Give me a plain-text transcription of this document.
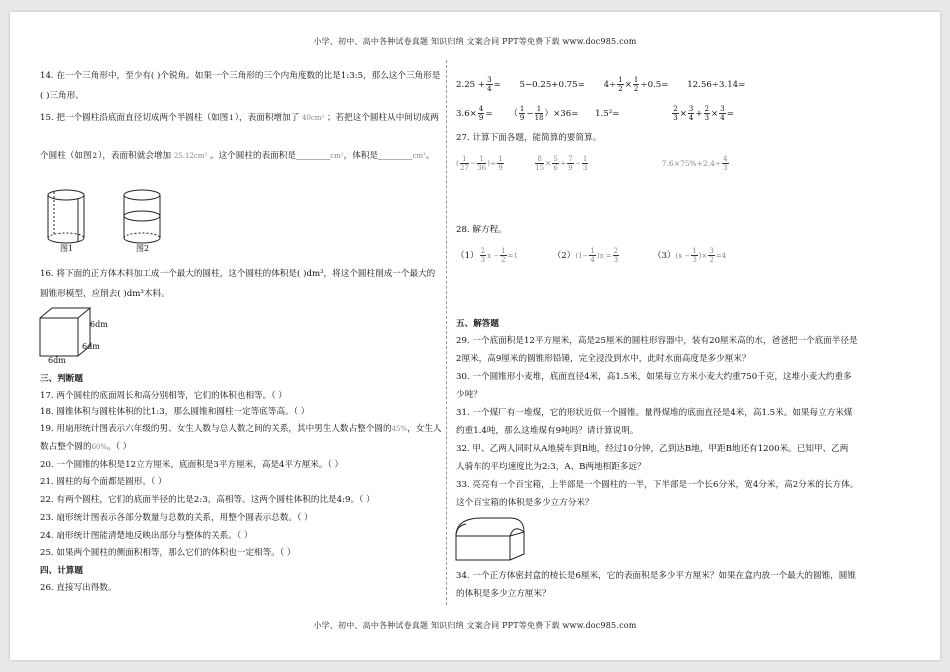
小学、初中、高中各种试卷真题 知识归纳 文案合同 PPT等免费下载 www.doc985.com
小学、初中、高中各种试卷真题 知识归纳 文案合同 PPT等免费下载 www.doc985.com
14. 在一个三角形中，至少有( )个锐角。如果一个三角形的三个内角度数的比是1:3:5，那么这个三角形是
( )三角形。
15. 把一个圆柱沿底面直径切成两个半圆柱（如图 1 ），表面积增加了 40cm² ；若把这个圆柱从中间切成两
个圆柱（如图 2 ），表面积就会增加 25.12cm² 。这个圆柱的表面积是________cm²，体积是________cm³。
图1	图2
16. 将下面的正方体木料加工成一个最大的圆柱，这个圆柱的体积是( )dm³，将这个圆柱削成一个最大的
圆锥形模型，应削去( )dm³木料。
6dm
6dm
6dm
三、判断题
17. 两个圆柱的底面周长和高分别相等，它们的体积也相等。（ ）
18. 圆锥体积与圆柱体积的比1:3，那么圆锥和圆柱一定等底等高。（ ）
19. 用扇形统计图表示六年级的男、女生人数与总人数之间的关系，其中男生人数占整个圆的45%，女生人
数占整个圆的60%。（ ）
20. 一个圆锥的体积是12立方厘米，底面积是3平方厘米，高是4平方厘米。（ ）
21. 圆柱的每个面都是圆形。（ ）
22. 有两个圆柱，它们的底面半径的比是2:3，高相等。这两个圆柱体积的比是4:9。（ ）
23. 扇形统计图表示各部分数量与总数的关系，用整个圆表示总数。（ ）
24. 扇形统计图能清楚地反映出部分与整体的关系。（ ）
25. 如果两个圆柱的侧面积相等，那么它们的体积也一定相等。（ ）
四、计算题
26. 直接写出得数。
$2.25 + \frac{3}{4} = 5-0.25+0.75= 4\div \frac{1}{2} \times \frac{1}{2} \div 0.5= 12.56\div 3.14=$
$3.6\times \frac{4}{9}$ = （ $\frac{1}{9} - \frac{1}{18} )\times 36= 1.5^2=$	$\frac{2}{3} \times \frac{3}{4} + \frac{2}{3} \times \frac{3}{4}$ =
27. 计算下面各题，能简算的要简算。
( $\frac{1}{27} - \frac{1}{36}$ )÷ $\frac{1}{9}$
	$\frac{8}{15} \times \frac{5}{6} + \frac{7}{9} - \frac{1}{3}$	$7.6\times 75\%+2.4\div \frac{4}{3}$
28. 解方程。
$(1) \frac{2}{3}$ $x - \frac{1}{2} =1$	$(2)(1- \frac{1}{4} )x = \frac{2}{3}$	$(3)(x - \frac{1}{3}$ )× $\frac{3}{2} =4$
五、解答题
29. 一个底面积是12平方厘米，高是25厘米的圆柱形容器中，装有20厘米高的水，爸爸把一个底面半径是
2厘米，高9厘米的圆锥形铅锤，完全浸没到水中，此时水面高度是多少厘米？
30. 一个圆锥形小麦堆，底面直径4米，高1.5米，如果每立方米小麦大约重750千克，这堆小麦大约重多
少吨？
31. 一个煤厂有一堆煤，它的形状近似一个圆锥。量得煤堆的底面直径是4米，高1.5米。如果每立方米煤
约重1.4吨，那么这堆煤有9吨吗？请计算说明。
32. 甲、乙两人同时从A地骑车到B地，经过10分钟，乙到达B地，甲距B地还有1200米。已知甲、乙两
人骑车的平均速度比为2:3，A、B两地相距多远？
33. 亮亮有一个百宝箱，上半部是一个圆柱的一半，下半部是一个长6分米，宽4分米，高2分米的长方体。
这个百宝箱的体积是多少立方分米？
34. 一个正方体密封盒的棱长是6厘米，它的表面积是多少平方厘米？如果在盒内放一个最大的圆锥，圆锥
的体积是多少立方厘米？
